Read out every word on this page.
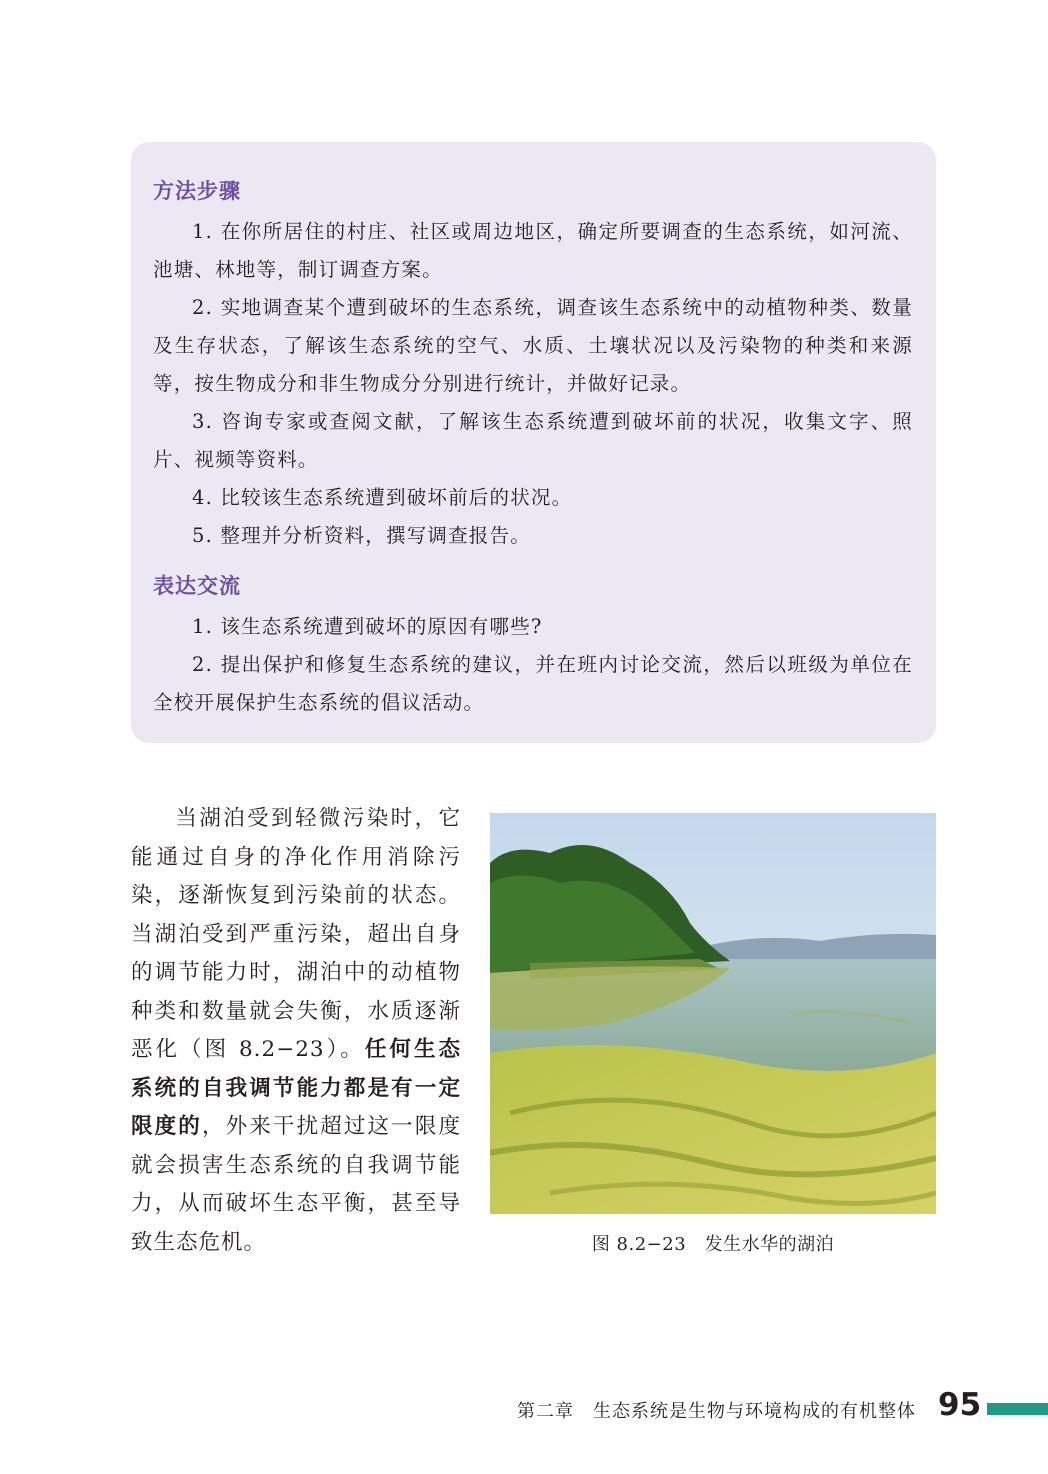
方法步骤
1. 在你所居住的村庄、社区或周边地区，确定所要调查的生态系统，如河流、池塘、林地等，制订调查方案。
2. 实地调查某个遭到破坏的生态系统，调查该生态系统中的动植物种类、数量及生存状态，了解该生态系统的空气、水质、土壤状况以及污染物的种类和来源等，按生物成分和非生物成分分别进行统计，并做好记录。
3. 咨询专家或查阅文献，了解该生态系统遭到破坏前的状况，收集文字、照片、视频等资料。
4. 比较该生态系统遭到破坏前后的状况。
5. 整理并分析资料，撰写调查报告。
表达交流
1. 该生态系统遭到破坏的原因有哪些?
2. 提出保护和修复生态系统的建议，并在班内讨论交流，然后以班级为单位在全校开展保护生态系统的倡议活动。
当湖泊受到轻微污染时，它能通过自身的净化作用消除污染，逐渐恢复到污染前的状态。当湖泊受到严重污染，超出自身的调节能力时，湖泊中的动植物种类和数量就会失衡，水质逐渐恶化（图 8.2−23）。任何生态系统的自我调节能力都是有一定限度的，外来干扰超过这一限度就会损害生态系统的自我调节能力，从而破坏生态平衡，甚至导致生态危机。	图 8.2−23　发生水华的湖泊
第二章　生态系统是生物与环境构成的有机整体 95
